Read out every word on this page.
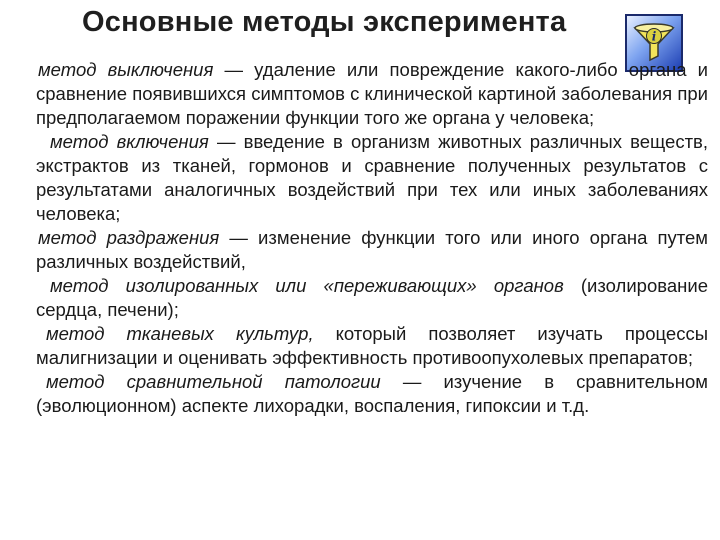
Основные методы эксперимента	i

метод выключения — удаление или повреждение какого-либо органа и сравнение появившихся симптомов с клинической картиной заболевания при предполагаемом поражении функции того же органа у человека;

метод включения — введение в организм животных различных веществ, экстрактов из тканей, гормонов и сравнение полученных результатов с результатами аналогичных воздействий при тех или иных заболеваниях человека;

метод раздражения — изменение функции того или иного органа путем различных воздействий,

метод изолированных или «переживающих» органов (изолирование сердца, печени);

метод тканевых культур, который позволяет изучать процессы малигнизации и оценивать эффективность противоопухолевых препаратов;

метод сравнительной патологии — изучение в сравнительном (эволюционном) аспекте лихорадки, воспаления, гипоксии и т.д.
